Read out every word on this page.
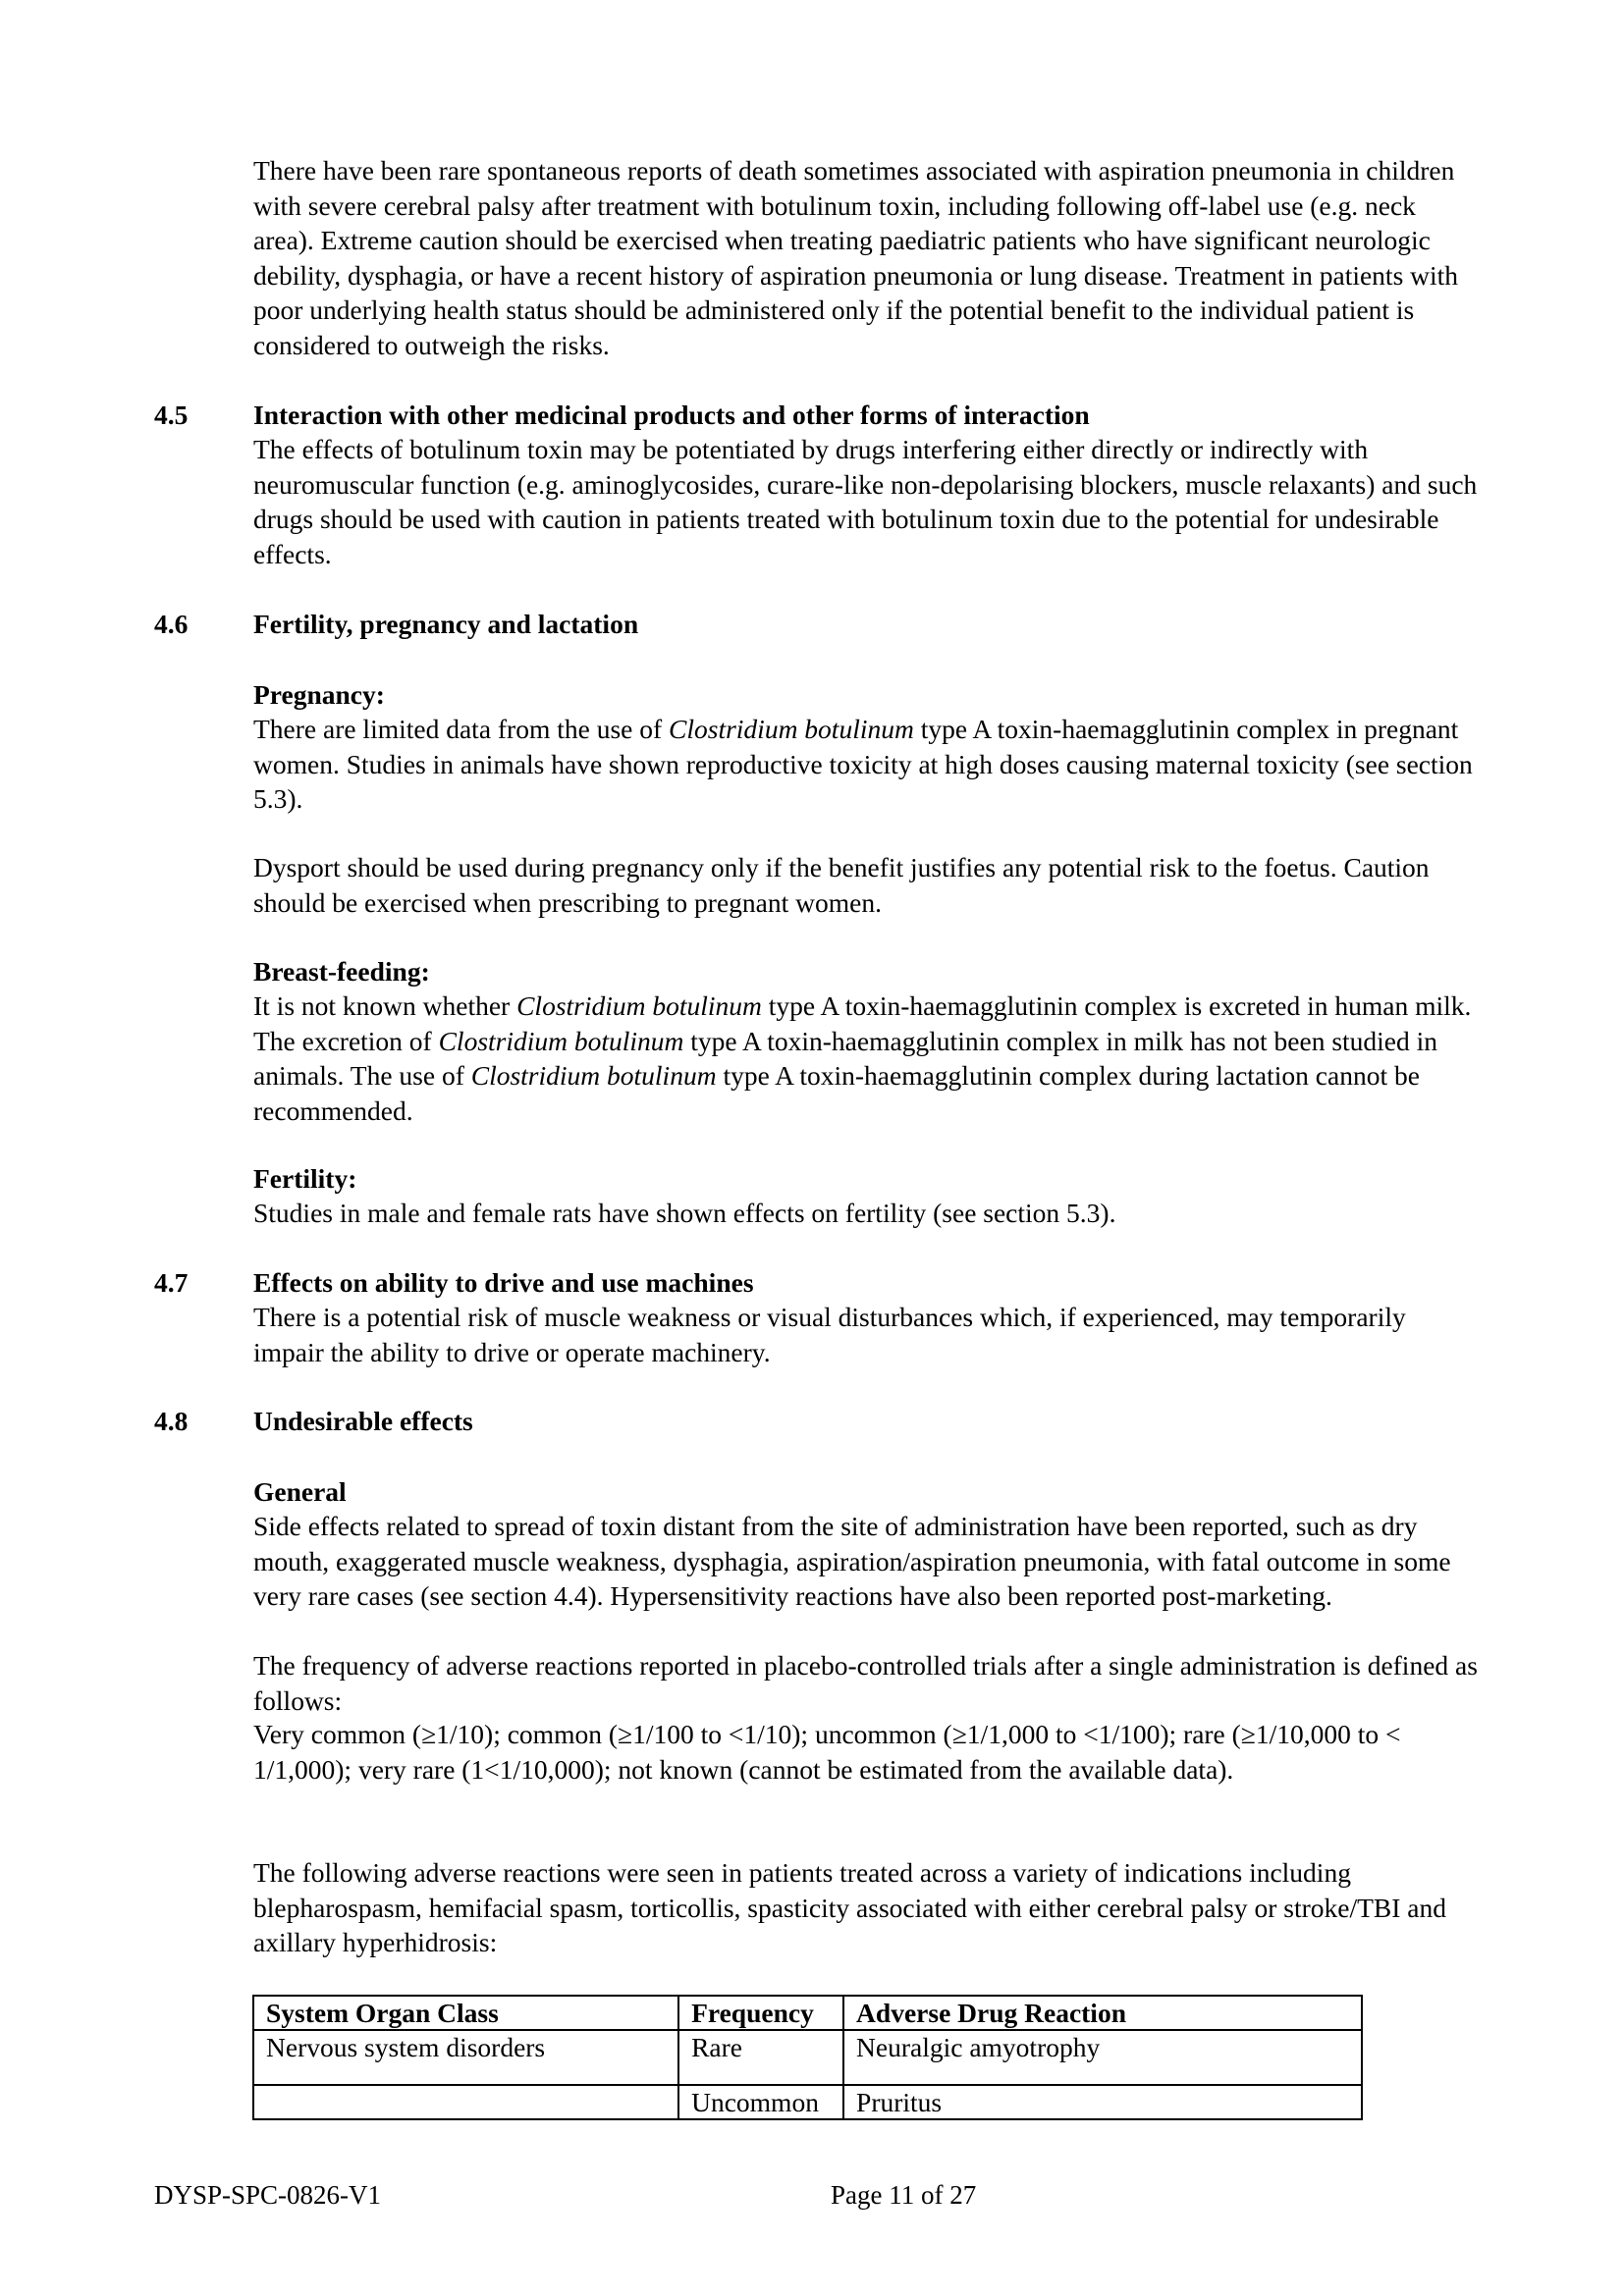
There have been rare spontaneous reports of death sometimes associated with aspiration pneumonia in children with severe cerebral palsy after treatment with botulinum toxin, including following off-label use (e.g. neck area). Extreme caution should be exercised when treating paediatric patients who have significant neurologic debility, dysphagia, or have a recent history of aspiration pneumonia or lung disease. Treatment in patients with poor underlying health status should be administered only if the potential benefit to the individual patient is considered to outweigh the risks.

4.5 Interaction with other medicinal products and other forms of interaction

The effects of botulinum toxin may be potentiated by drugs interfering either directly or indirectly with neuromuscular function (e.g. aminoglycosides, curare-like non-depolarising blockers, muscle relaxants) and such drugs should be used with caution in patients treated with botulinum toxin due to the potential for undesirable effects.

4.6 Fertility, pregnancy and lactation
Pregnancy:

There are limited data from the use of Clostridium botulinum type A toxin-haemagglutinin complex in pregnant women. Studies in animals have shown reproductive toxicity at high doses causing maternal toxicity (see section 5.3).

Dysport should be used during pregnancy only if the benefit justifies any potential risk to the foetus. Caution should be exercised when prescribing to pregnant women.

Breast-feeding:

It is not known whether Clostridium botulinum type A toxin-haemagglutinin complex is excreted in human milk. The excretion of Clostridium botulinum type A toxin-haemagglutinin complex in milk has not been studied in animals. The use of Clostridium botulinum type A toxin-haemagglutinin complex during lactation cannot be recommended.

Fertility:

Studies in male and female rats have shown effects on fertility (see section 5.3).

4.7 Effects on ability to drive and use machines

There is a potential risk of muscle weakness or visual disturbances which, if experienced, may temporarily impair the ability to drive or operate machinery.

4.8 Undesirable effects
General

Side effects related to spread of toxin distant from the site of administration have been reported, such as dry mouth, exaggerated muscle weakness, dysphagia, aspiration/aspiration pneumonia, with fatal outcome in some very rare cases (see section 4.4). Hypersensitivity reactions have also been reported post-marketing.

The frequency of adverse reactions reported in placebo-controlled trials after a single administration is defined as follows:

Very common (≥1/10); common (≥1/100 to <1/10); uncommon (≥1/1,000 to <1/100); rare (≥1/10,000 to < 1/1,000); very rare (1<1/10,000); not known (cannot be estimated from the available data).

The following adverse reactions were seen in patients treated across a variety of indications including blepharospasm, hemifacial spasm, torticollis, spasticity associated with either cerebral palsy or stroke/TBI and axillary hyperhidrosis:

System Organ Class	Frequency	Adverse Drug Reaction
Nervous system disorders	Rare	Neuralgic amyotrophy
	Uncommon	Pruritus
DYSP-SPC-0826-V1	Page 11 of 27
